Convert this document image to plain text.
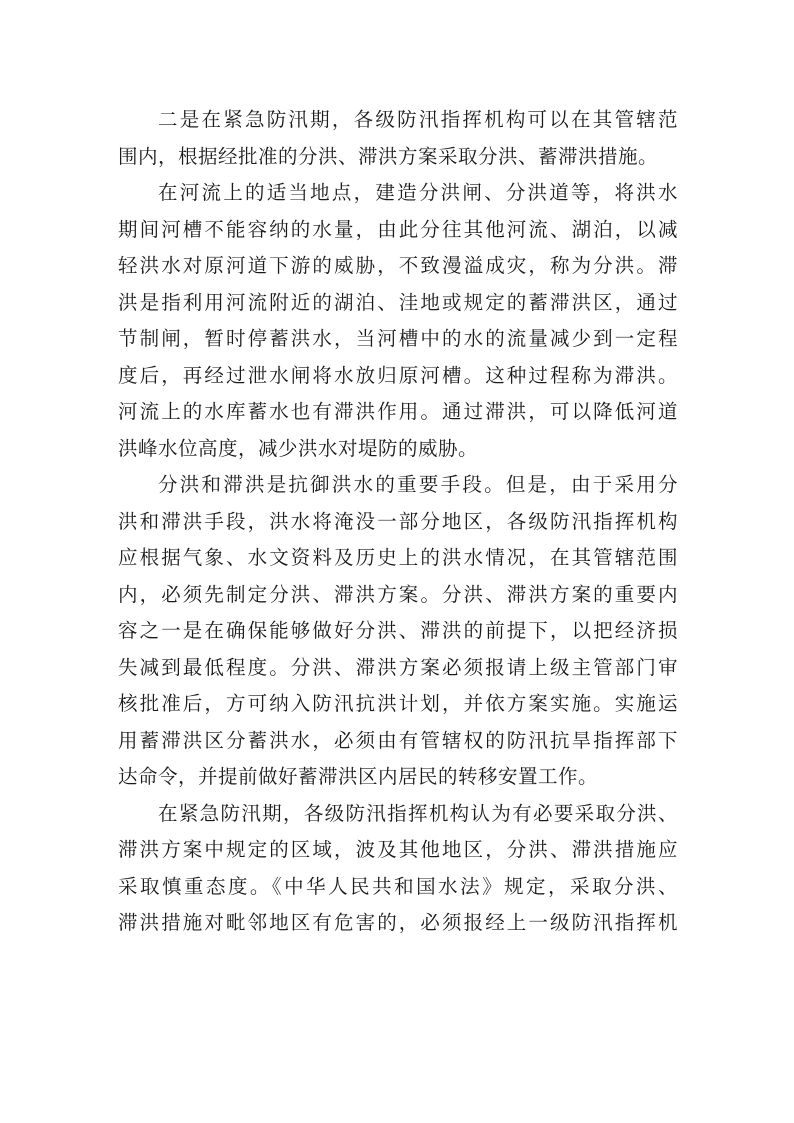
二是在紧急防汛期，各级防汛指挥机构可以在其管辖范
围内，根据经批准的分洪、滞洪方案采取分洪、蓄滞洪措施。
在河流上的适当地点，建造分洪闸、分洪道等，将洪水
期间河槽不能容纳的水量，由此分往其他河流、湖泊，以减
轻洪水对原河道下游的威胁，不致漫溢成灾，称为分洪。滞
洪是指利用河流附近的湖泊、洼地或规定的蓄滞洪区，通过
节制闸，暂时停蓄洪水，当河槽中的水的流量减少到一定程
度后，再经过泄水闸将水放归原河槽。这种过程称为滞洪。
河流上的水库蓄水也有滞洪作用。通过滞洪，可以降低河道
洪峰水位高度，减少洪水对堤防的威胁。
分洪和滞洪是抗御洪水的重要手段。但是，由于采用分
洪和滞洪手段，洪水将淹没一部分地区，各级防汛指挥机构
应根据气象、水文资料及历史上的洪水情况，在其管辖范围
内，必须先制定分洪、滞洪方案。分洪、滞洪方案的重要内
容之一是在确保能够做好分洪、滞洪的前提下，以把经济损
失减到最低程度。分洪、滞洪方案必须报请上级主管部门审
核批准后，方可纳入防汛抗洪计划，并依方案实施。实施运
用蓄滞洪区分蓄洪水，必须由有管辖权的防汛抗旱指挥部下
达命令，并提前做好蓄滞洪区内居民的转移安置工作。
在紧急防汛期，各级防汛指挥机构认为有必要采取分洪、
滞洪方案中规定的区域，波及其他地区，分洪、滞洪措施应
采取慎重态度。《中华人民共和国水法》规定，采取分洪、
滞洪措施对毗邻地区有危害的，必须报经上一级防汛指挥机
